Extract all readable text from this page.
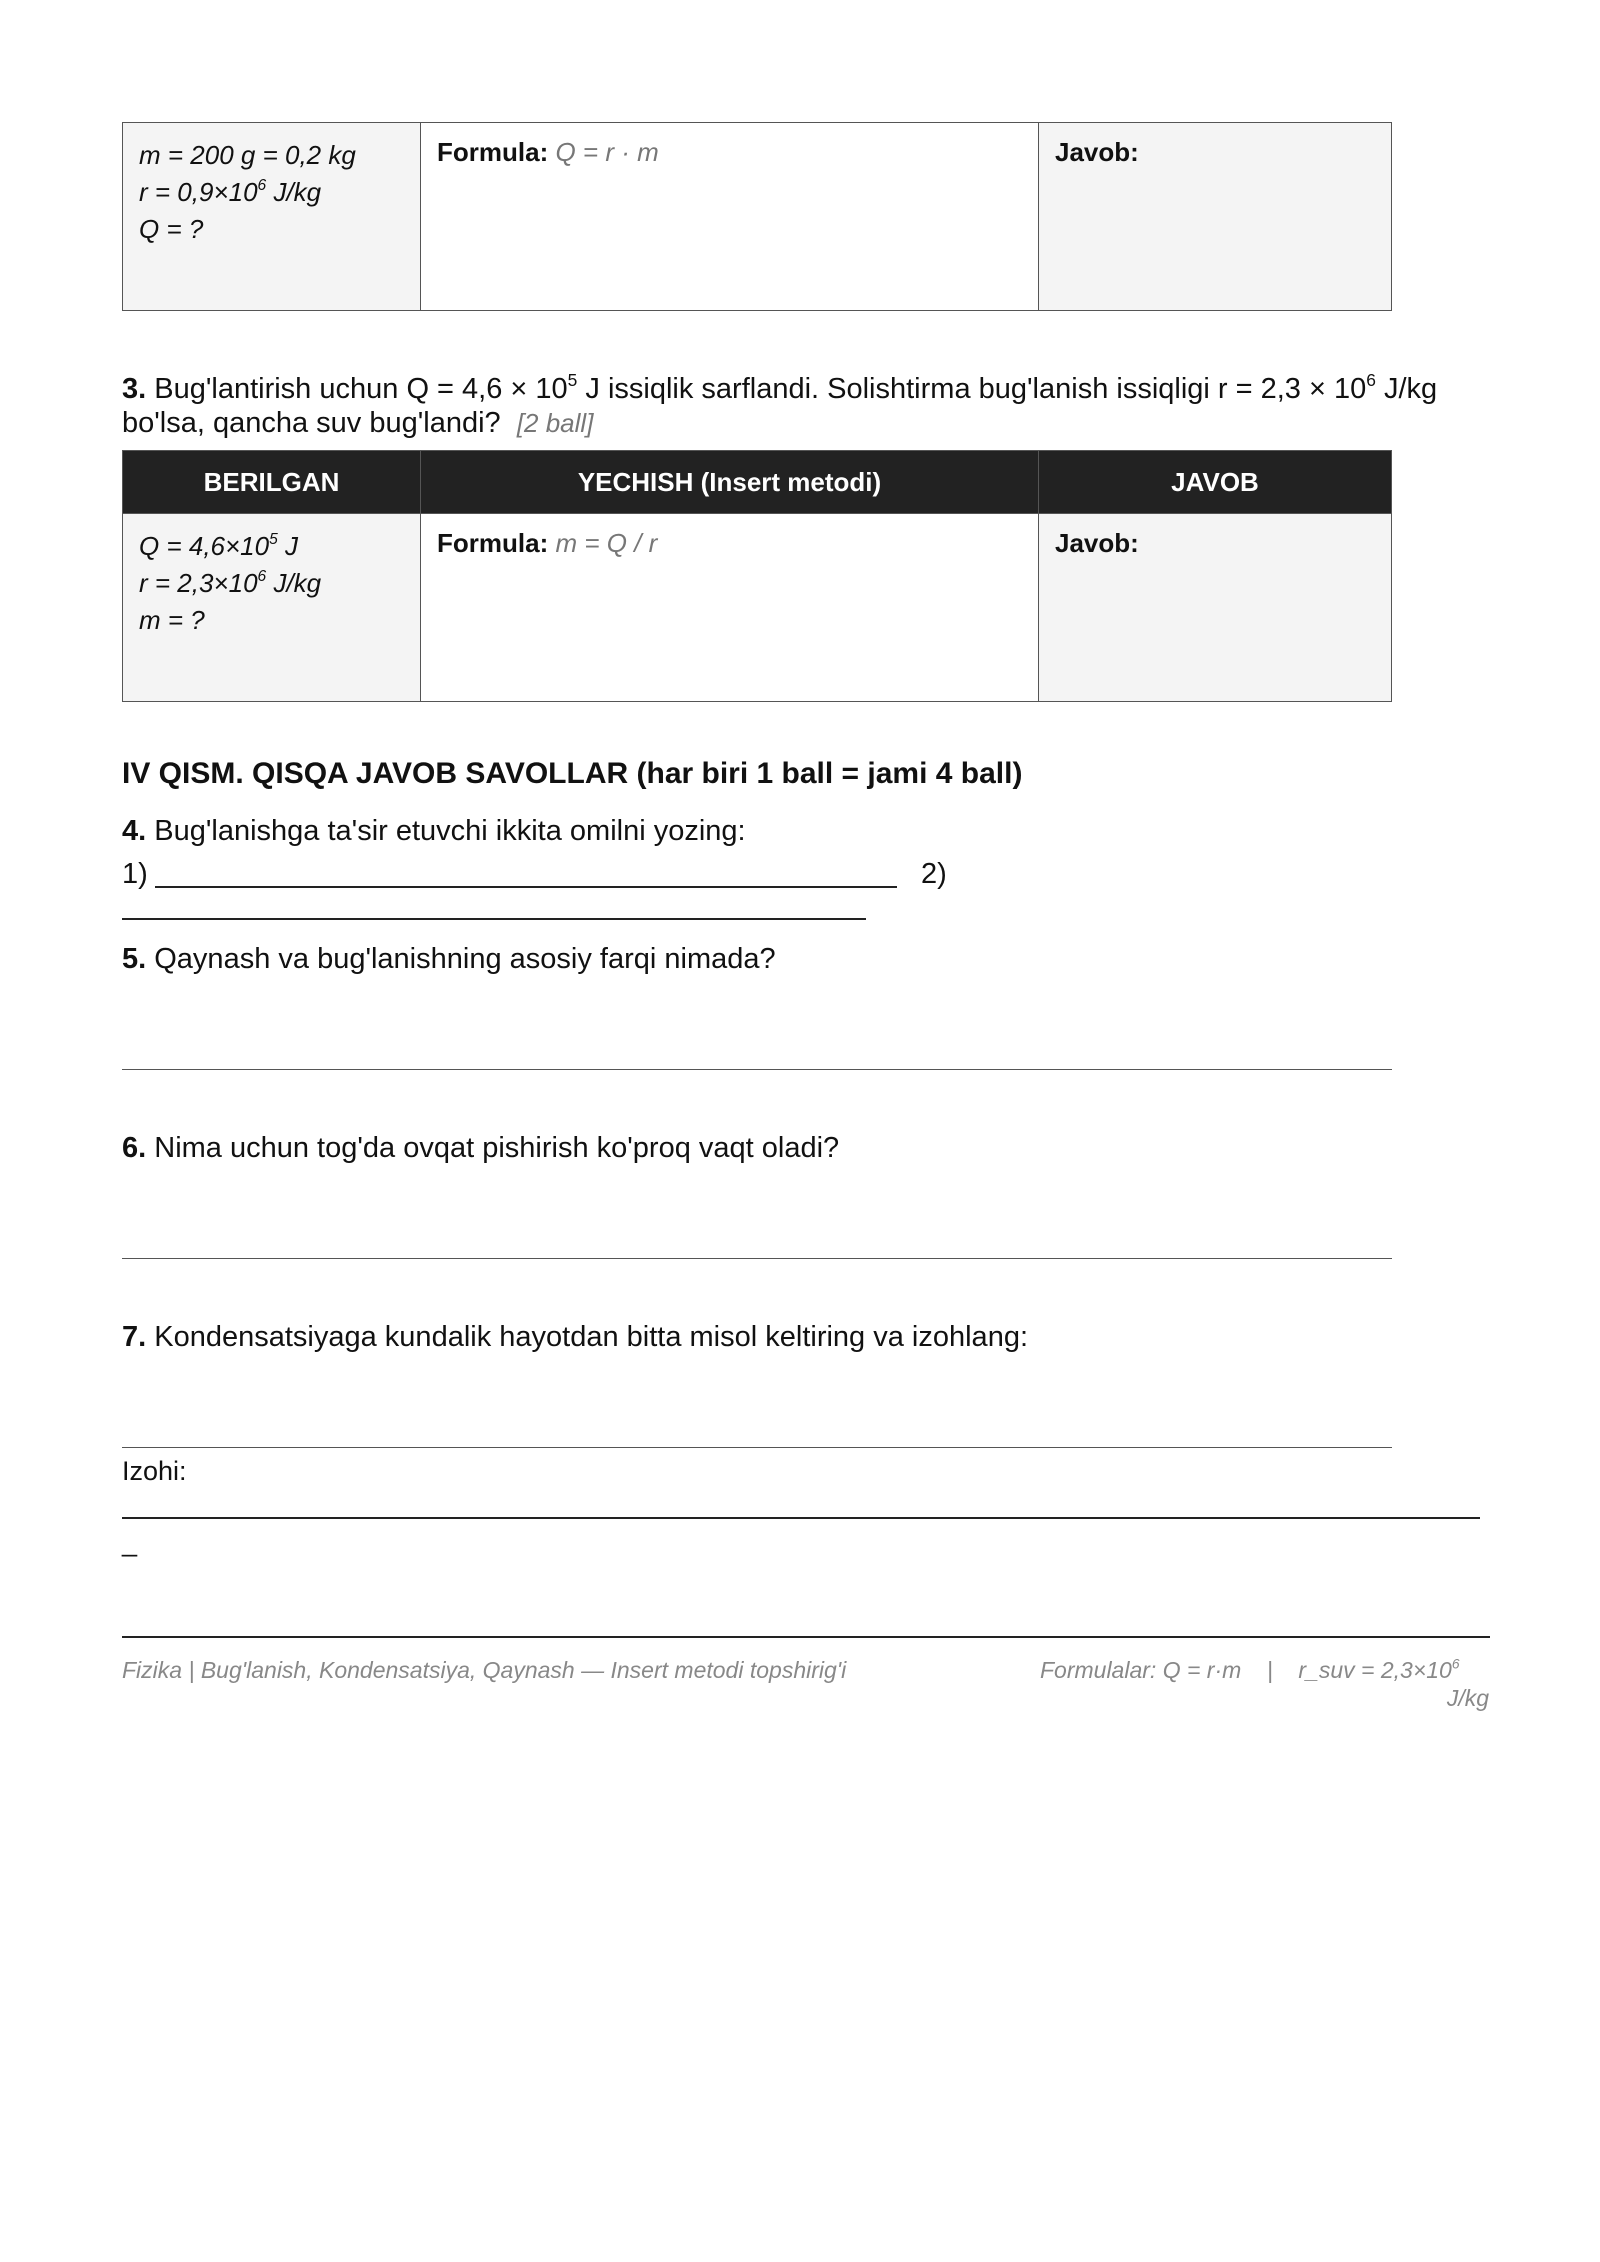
m = 200 g = 0,2 kg
$r = 0,9\times 10^6$ J/kg
Q = ?
	Formula: Q = r · m	Javob:
3. Bug'lantirish uchun $Q = 4,6 \times 10^5$ J issiqlik sarflandi. Solishtirma bug'lanish issiqligi $r = 2,3 \times 10^6$ J/kg bo'lsa, qancha suv bug'landi? [2 ball]
BERILGAN	YECHISH (Insert metodi)	JAVOB

$Q = 4,6\times 10^5$ J
$r = 2,3\times 10^6$ J/kg
m = ?	Formula: m = Q / r	Javob:
IV QISM. QISQA JAVOB SAVOLLAR (har biri 1 ball = jami 4 ball)
4. Bug'lanishga ta'sir etuvchi ikkita omilni yozing:
1)	2)
5. Qaynash va bug'lanishning asosiy farqi nimada?
6. Nima uchun tog'da ovqat pishirish ko'proq vaqt oladi?
7. Kondensatsiyaga kundalik hayotdan bitta misol keltiring va izohlang:
Izohi:
_
Fizika | Bug'lanish, Kondensatsiya, Qaynash — Insert metodi topshirig'i	Formulalar: Q = r·m | r_suv = $2,3\times 10^6$
J/kg
